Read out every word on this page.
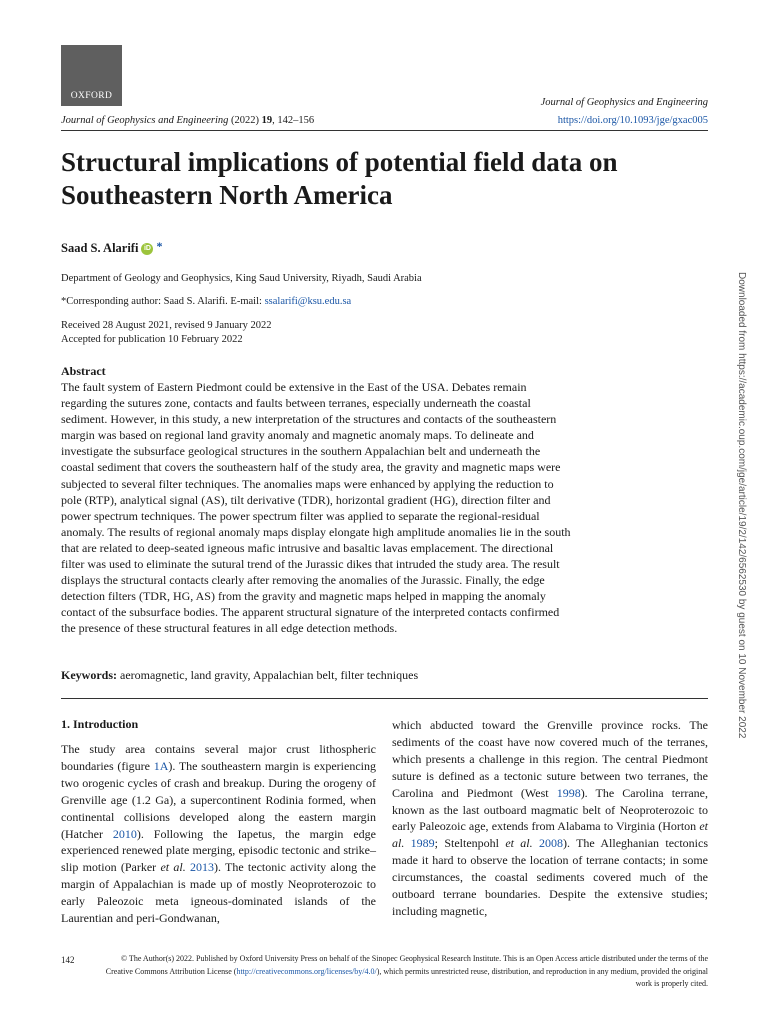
OXFORD
Journal of Geophysics and Engineering
Journal of Geophysics and Engineering (2022) 19, 142–156	https://doi.org/10.1093/jge/gxac005
Structural implications of potential field data on Southeastern North America
Saad S. Alarifi iD *
Department of Geology and Geophysics, King Saud University, Riyadh, Saudi Arabia
*Corresponding author: Saad S. Alarifi. E-mail: ssalarifi@ksu.edu.sa
Received 28 August 2021, revised 9 January 2022
Accepted for publication 10 February 2022
Abstract

The fault system of Eastern Piedmont could be extensive in the East of the USA. Debates remain regarding the sutures zone, contacts and faults between terranes, especially underneath the coastal sediment. However, in this study, a new interpretation of the structures and contacts of the southeastern margin was based on regional land gravity anomaly and magnetic anomaly maps. To delineate and investigate the subsurface geological structures in the southern Appalachian belt and underneath the coastal sediment that covers the southeastern half of the study area, the gravity and magnetic maps were subjected to several filter techniques. The anomalies maps were enhanced by applying the reduction to pole (RTP), analytical signal (AS), tilt derivative (TDR), horizontal gradient (HG), direction filter and power spectrum techniques. The power spectrum filter was applied to separate the regional-residual anomaly. The results of regional anomaly maps display elongate high amplitude anomalies lie in the south that are related to deep-seated igneous mafic intrusive and basaltic lavas emplacement. The directional filter was used to eliminate the sutural trend of the Jurassic dikes that intruded the study area. The result displays the structural contacts clearly after removing the anomalies of the Jurassic. Finally, the edge detection filters (TDR, HG, AS) from the gravity and magnetic maps helped in mapping the anomaly contact of the subsurface bodies. The apparent structural signature of the interpreted contacts confirmed the presence of these structural features in all edge detection methods.

Keywords: aeromagnetic, land gravity, Appalachian belt, filter techniques
1. Introduction

The study area contains several major crust lithospheric boundaries (figure 1A). The southeastern margin is experiencing two orogenic cycles of crash and breakup. During the orogeny of Grenville age (1.2 Ga), a supercontinent Rodinia formed, when continental collisions developed along the eastern margin (Hatcher 2010). Following the Iapetus, the margin edge experienced renewed plate merging, episodic tectonic and strike–slip motion (Parker et al. 2013). The tectonic activity along the margin of Appalachian is made up of mostly Neoproterozoic to early Paleozoic meta igneous-dominated islands of the Laurentian and peri-Gondwanan,

which abducted toward the Grenville province rocks. The sediments of the coast have now covered much of the terranes, which presents a challenge in this region. The central Piedmont suture is defined as a tectonic suture between two terranes, the Carolina and Piedmont (West 1998). The Carolina terrane, known as the last outboard magmatic belt of Neoproterozoic to early Paleozoic age, extends from Alabama to Virginia (Horton et al. 1989; Steltenpohl et al. 2008). The Alleghanian tectonics made it hard to observe the location of terrane contacts; in some circumstances, the coastal sediments covered much of the outboard terrane boundaries. Despite the extensive studies; including magnetic,

142	© The Author(s) 2022. Published by Oxford University Press on behalf of the Sinopec Geophysical Research Institute. This is an Open Access article distributed under the terms of the Creative Commons Attribution License (http://creativecommons.org/licenses/by/4.0/), which permits unrestricted reuse, distribution, and reproduction in any medium, provided the original work is properly cited.

Downloaded from https://academic.oup.com/jge/article/19/2/142/6562530 by guest on 10 November 2022
